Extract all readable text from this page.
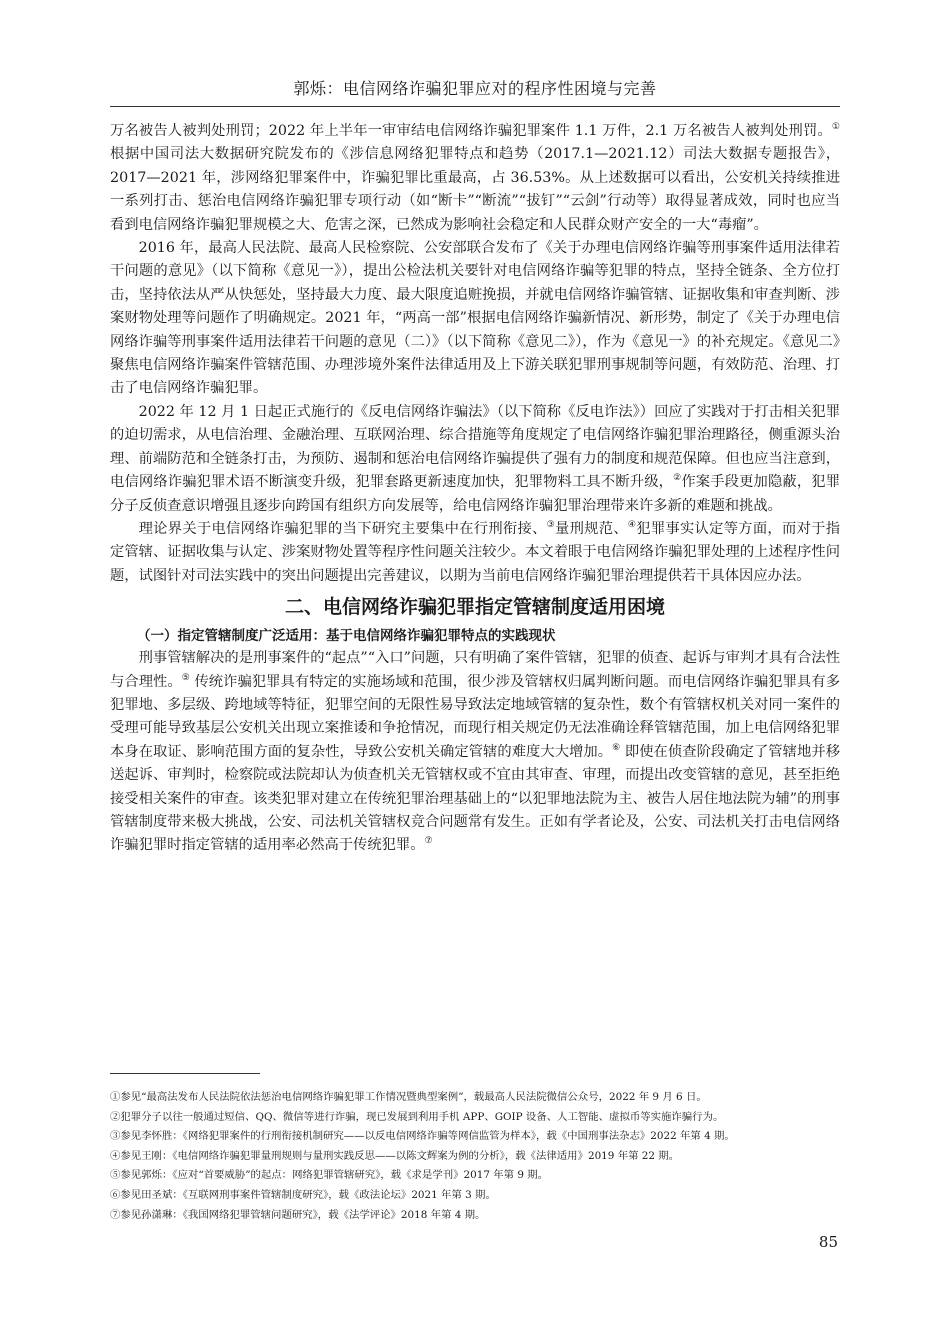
郭烁：电信网络诈骗犯罪应对的程序性困境与完善

万名被告人被判处刑罚；2022 年上半年一审审结电信网络诈骗犯罪案件 1.1 万件，2.1 万名被告人被判处刑罚。① 根据中国司法大数据研究院发布的《涉信息网络犯罪特点和趋势（2017.1—2021.12）司法大数据专题报告》，2017—2021 年，涉网络犯罪案件中，诈骗犯罪比重最高，占 36.53%。从上述数据可以看出，公安机关持续推进一系列打击、惩治电信网络诈骗犯罪专项行动（如“断卡”“断流”“拔钉”“云剑”行动等）取得显著成效，同时也应当看到电信网络诈骗犯罪规模之大、危害之深，已然成为影响社会稳定和人民群众财产安全的一大“毒瘤”。

2016 年，最高人民法院、最高人民检察院、公安部联合发布了《关于办理电信网络诈骗等刑事案件适用法律若干问题的意见》（以下简称《意见一》），提出公检法机关要针对电信网络诈骗等犯罪的特点，坚持全链条、全方位打击，坚持依法从严从快惩处，坚持最大力度、最大限度追赃挽损，并就电信网络诈骗管辖、证据收集和审查判断、涉案财物处理等问题作了明确规定。2021 年，“两高一部”根据电信网络诈骗新情况、新形势，制定了《关于办理电信网络诈骗等刑事案件适用法律若干问题的意见（二）》（以下简称《意见二》），作为《意见一》的补充规定。《意见二》聚焦电信网络诈骗案件管辖范围、办理涉境外案件法律适用及上下游关联犯罪刑事规制等问题，有效防范、治理、打击了电信网络诈骗犯罪。

2022 年 12 月 1 日起正式施行的《反电信网络诈骗法》（以下简称《反电诈法》）回应了实践对于打击相关犯罪的迫切需求，从电信治理、金融治理、互联网治理、综合措施等角度规定了电信网络诈骗犯罪治理路径，侧重源头治理、前端防范和全链条打击，为预防、遏制和惩治电信网络诈骗提供了强有力的制度和规范保障。但也应当注意到，电信网络诈骗犯罪术语不断演变升级，犯罪套路更新速度加快，犯罪物料工具不断升级，②作案手段更加隐蔽，犯罪分子反侦查意识增强且逐步向跨国有组织方向发展等，给电信网络诈骗犯罪治理带来许多新的难题和挑战。

理论界关于电信网络诈骗犯罪的当下研究主要集中在行刑衔接、③量刑规范、④犯罪事实认定等方面，而对于指定管辖、证据收集与认定、涉案财物处置等程序性问题关注较少。本文着眼于电信网络诈骗犯罪处理的上述程序性问题，试图针对司法实践中的突出问题提出完善建议，以期为当前电信网络诈骗犯罪治理提供若干具体因应办法。

二、电信网络诈骗犯罪指定管辖制度适用困境
（一）指定管辖制度广泛适用：基于电信网络诈骗犯罪特点的实践现状

刑事管辖解决的是刑事案件的“起点”“入口”问题，只有明确了案件管辖，犯罪的侦查、起诉与审判才具有合法性与合理性。⑤ 传统诈骗犯罪具有特定的实施场域和范围，很少涉及管辖权归属判断问题。而电信网络诈骗犯罪具有多犯罪地、多层级、跨地域等特征，犯罪空间的无限性易导致法定地域管辖的复杂性，数个有管辖权机关对同一案件的受理可能导致基层公安机关出现立案推诿和争抢情况，而现行相关规定仍无法准确诠释管辖范围，加上电信网络犯罪本身在取证、影响范围方面的复杂性，导致公安机关确定管辖的难度大大增加。⑥ 即使在侦查阶段确定了管辖地并移送起诉、审判时，检察院或法院却认为侦查机关无管辖权或不宜由其审查、审理，而提出改变管辖的意见，甚至拒绝接受相关案件的审查。该类犯罪对建立在传统犯罪治理基础上的“以犯罪地法院为主、被告人居住地法院为辅”的刑事管辖制度带来极大挑战，公安、司法机关管辖权竞合问题常有发生。正如有学者论及，公安、司法机关打击电信网络诈骗犯罪时指定管辖的适用率必然高于传统犯罪。⑦

①参见“最高法发布人民法院依法惩治电信网络诈骗犯罪工作情况暨典型案例”，载最高人民法院微信公众号，2022 年 9 月 6 日。
②犯罪分子以往一般通过短信、QQ、微信等进行诈骗，现已发展到利用手机 APP、GOIP 设备、人工智能、虚拟币等实施诈骗行为。
③参见李怀胜：《网络犯罪案件的行刑衔接机制研究——以反电信网络诈骗等网信监管为样本》，载《中国刑事法杂志》2022 年第 4 期。
④参见王刚：《电信网络诈骗犯罪量刑规则与量刑实践反思——以陈文辉案为例的分析》，载《法律适用》2019 年第 22 期。
⑤参见郭烁：《应对“首要威胁”的起点：网络犯罪管辖研究》，载《求是学刊》2017 年第 9 期。
⑥参见田圣斌：《互联网刑事案件管辖制度研究》，载《政法论坛》2021 年第 3 期。
⑦参见孙潇琳：《我国网络犯罪管辖问题研究》，载《法学评论》2018 年第 4 期。
85
